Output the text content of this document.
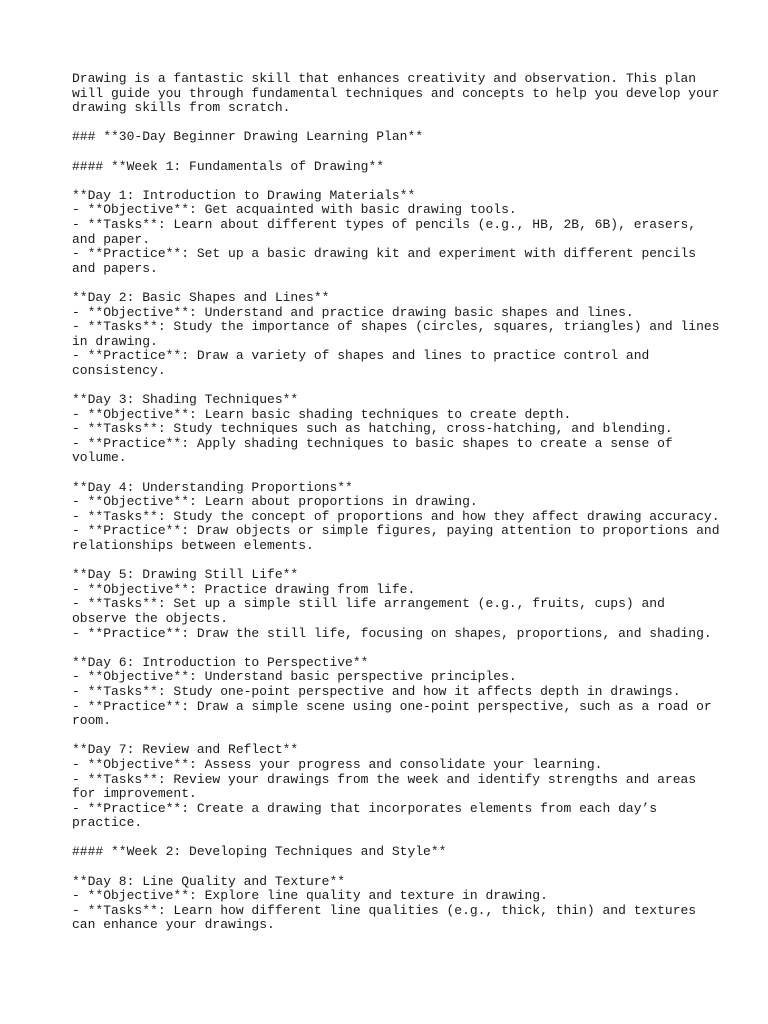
Drawing is a fantastic skill that enhances creativity and observation. This plan
will guide you through fundamental techniques and concepts to help you develop your
drawing skills from scratch.
### **30-Day Beginner Drawing Learning Plan**
#### **Week 1: Fundamentals of Drawing**
**Day 1: Introduction to Drawing Materials**
- **Objective**: Get acquainted with basic drawing tools.
- **Tasks**: Learn about different types of pencils (e.g., HB, 2B, 6B), erasers,
and paper.
- **Practice**: Set up a basic drawing kit and experiment with different pencils
and papers.
**Day 2: Basic Shapes and Lines**
- **Objective**: Understand and practice drawing basic shapes and lines.
- **Tasks**: Study the importance of shapes (circles, squares, triangles) and lines
in drawing.
- **Practice**: Draw a variety of shapes and lines to practice control and
consistency.
**Day 3: Shading Techniques**
- **Objective**: Learn basic shading techniques to create depth.
- **Tasks**: Study techniques such as hatching, cross-hatching, and blending.
- **Practice**: Apply shading techniques to basic shapes to create a sense of
volume.
**Day 4: Understanding Proportions**
- **Objective**: Learn about proportions in drawing.
- **Tasks**: Study the concept of proportions and how they affect drawing accuracy.
- **Practice**: Draw objects or simple figures, paying attention to proportions and
relationships between elements.
**Day 5: Drawing Still Life**
- **Objective**: Practice drawing from life.
- **Tasks**: Set up a simple still life arrangement (e.g., fruits, cups) and
observe the objects.
- **Practice**: Draw the still life, focusing on shapes, proportions, and shading.
**Day 6: Introduction to Perspective**
- **Objective**: Understand basic perspective principles.
- **Tasks**: Study one-point perspective and how it affects depth in drawings.
- **Practice**: Draw a simple scene using one-point perspective, such as a road or
room.
**Day 7: Review and Reflect**
- **Objective**: Assess your progress and consolidate your learning.
- **Tasks**: Review your drawings from the week and identify strengths and areas
for improvement.
- **Practice**: Create a drawing that incorporates elements from each day’s
practice.
#### **Week 2: Developing Techniques and Style**
**Day 8: Line Quality and Texture**
- **Objective**: Explore line quality and texture in drawing.
- **Tasks**: Learn how different line qualities (e.g., thick, thin) and textures
can enhance your drawings.
